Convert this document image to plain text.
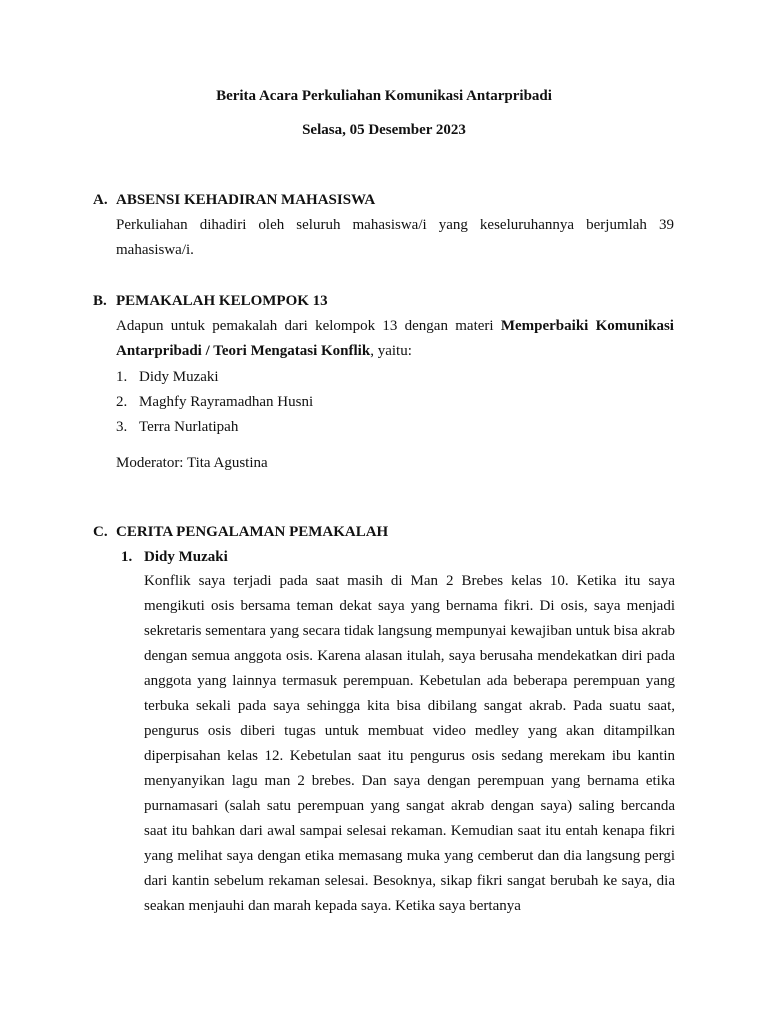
Berita Acara Perkuliahan Komunikasi Antarpribadi
Selasa, 05 Desember 2023
A. ABSENSI KEHADIRAN MAHASISWA
Perkuliahan dihadiri oleh seluruh mahasiswa/i yang keseluruhannya berjumlah 39 mahasiswa/i.
B. PEMAKALAH KELOMPOK 13
Adapun untuk pemakalah dari kelompok 13 dengan materi Memperbaiki Komunikasi Antarpribadi / Teori Mengatasi Konflik, yaitu:
1. Didy Muzaki
2. Maghfy Rayramadhan Husni
3. Terra Nurlatipah
Moderator: Tita Agustina
C. CERITA PENGALAMAN PEMAKALAH
1. Didy Muzaki
Konflik saya terjadi pada saat masih di Man 2 Brebes kelas 10. Ketika itu saya mengikuti osis bersama teman dekat saya yang bernama fikri. Di osis, saya menjadi sekretaris sementara yang secara tidak langsung mempunyai kewajiban untuk bisa akrab dengan semua anggota osis. Karena alasan itulah, saya berusaha mendekatkan diri pada anggota yang lainnya termasuk perempuan. Kebetulan ada beberapa perempuan yang terbuka sekali pada saya sehingga kita bisa dibilang sangat akrab. Pada suatu saat, pengurus osis diberi tugas untuk membuat video medley yang akan ditampilkan diperpisahan kelas 12. Kebetulan saat itu pengurus osis sedang merekam ibu kantin menyanyikan lagu man 2 brebes. Dan saya dengan perempuan yang bernama etika purnamasari (salah satu perempuan yang sangat akrab dengan saya) saling bercanda saat itu bahkan dari awal sampai selesai rekaman. Kemudian saat itu entah kenapa fikri yang melihat saya dengan etika memasang muka yang cemberut dan dia langsung pergi dari kantin sebelum rekaman selesai. Besoknya, sikap fikri sangat berubah ke saya, dia seakan menjauhi dan marah kepada saya. Ketika saya bertanya
